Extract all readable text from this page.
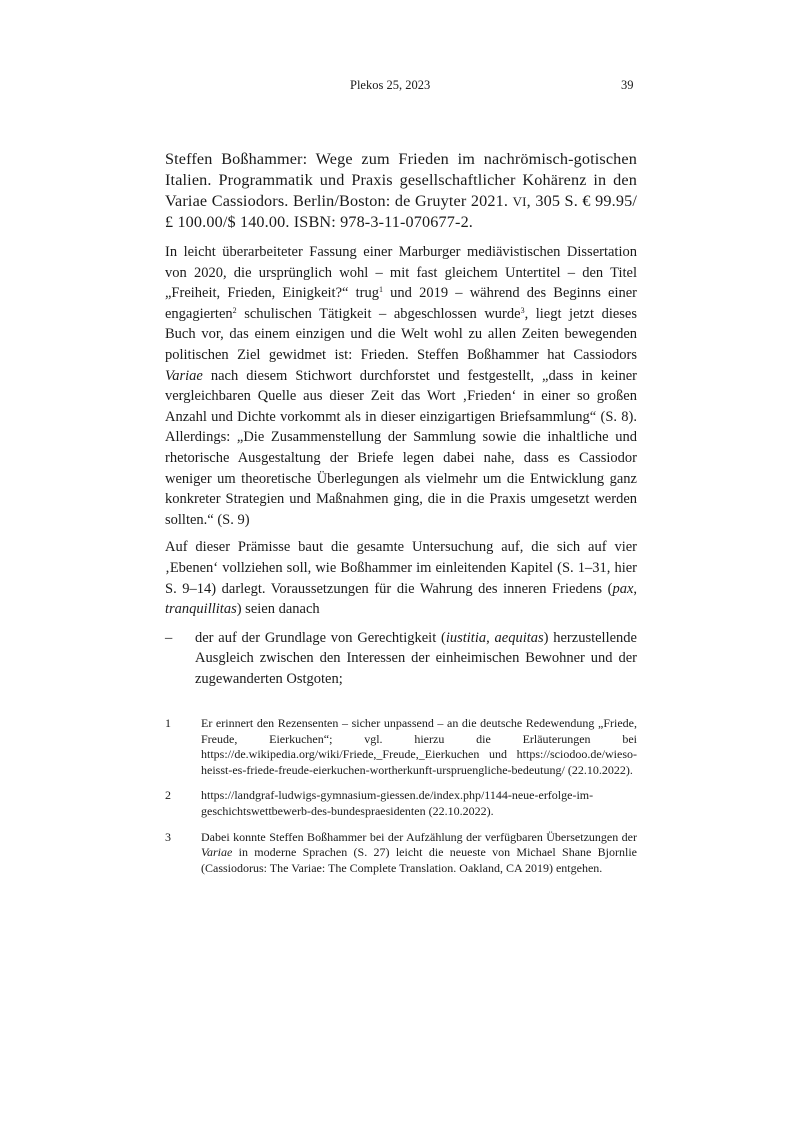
Plekos 25, 2023	39

Steffen Boßhammer: Wege zum Frieden im nachrömisch-gotischen Italien. Programmatik und Praxis gesellschaftlicher Kohärenz in den Variae Cassiodors. Berlin/Boston: de Gruyter 2021. VI, 305 S. € 99.95/ £ 100.00/$ 140.00. ISBN: 978-3-11-070677-2.

In leicht überarbeiteter Fassung einer Marburger mediävistischen Dissertation von 2020, die ursprünglich wohl – mit fast gleichem Untertitel – den Titel „Freiheit, Frieden, Einigkeit?“ trug$^1$ und 2019 – während des Beginns einer engagierten$^2$ schulischen Tätigkeit – abgeschlossen wurde$^3$, liegt jetzt dieses Buch vor, das einem einzigen und die Welt wohl zu allen Zeiten bewegenden politischen Ziel gewidmet ist: Frieden. Steffen Boßhammer hat Cassiodors Variae nach diesem Stichwort durchforstet und festgestellt, „dass in keiner vergleichbaren Quelle aus dieser Zeit das Wort ‚Frieden‘ in einer so großen Anzahl und Dichte vorkommt als in dieser einzigartigen Briefsammlung“ (S. 8). Allerdings: „Die Zusammenstellung der Sammlung sowie die inhaltliche und rhetorische Ausgestaltung der Briefe legen dabei nahe, dass es Cassiodor weniger um theoretische Überlegungen als vielmehr um die Entwicklung ganz konkreter Strategien und Maßnahmen ging, die in die Praxis umgesetzt werden sollten.“ (S. 9)

Auf dieser Prämisse baut die gesamte Untersuchung auf, die sich auf vier ‚Ebenen‘ vollziehen soll, wie Boßhammer im einleitenden Kapitel (S. 1–31, hier S. 9–14) darlegt. Voraussetzungen für die Wahrung des inneren Friedens (pax, tranquillitas) seien danach

– der auf der Grundlage von Gerechtigkeit (iustitia, aequitas) herzustellende Ausgleich zwischen den Interessen der einheimischen Bewohner und der zugewanderten Ostgoten;
1	Er erinnert den Rezensenten – sicher unpassend – an die deutsche Redewendung „Friede, Freude, Eierkuchen“; vgl. hierzu die Erläuterungen bei https://de.wikipedia.org/wiki/Friede,_Freude,_Eierkuchen und https://sciodoo.de/wieso-heisst-es-friede-freude-eierkuchen-wortherkunft-urspruengliche-bedeutung/ (22.10.2022).
2	https://landgraf-ludwigs-gymnasium-giessen.de/index.php/1144-neue-erfolge-im-geschichtswettbewerb-des-bundespraesidenten (22.10.2022).
3	Dabei konnte Steffen Boßhammer bei der Aufzählung der verfügbaren Übersetzungen der Variae in moderne Sprachen (S. 27) leicht die neueste von Michael Shane Bjornlie (Cassiodorus: The Variae: The Complete Translation. Oakland, CA 2019) entgehen.
